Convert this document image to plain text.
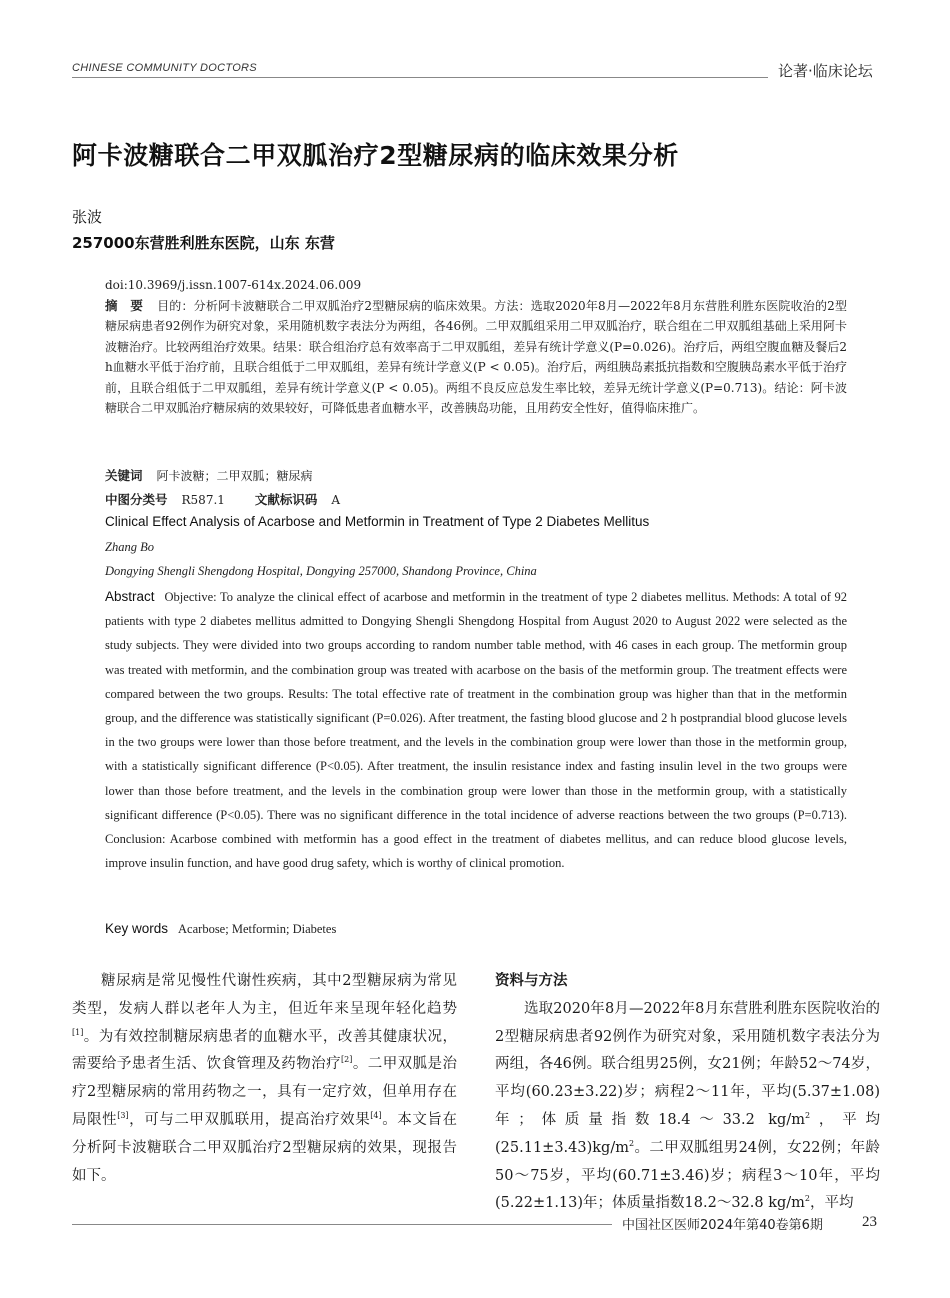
CHINESE COMMUNITY DOCTORS	论著·临床论坛
阿卡波糖联合二甲双胍治疗2型糖尿病的临床效果分析
张波
257000东营胜利胜东医院，山东 东营
doi:10.3969/j.issn.1007-614x.2024.06.009
摘　要 目的：分析阿卡波糖联合二甲双胍治疗2型糖尿病的临床效果。方法：选取2020年8月—2022年8月东营胜利胜东医院收治的2型糖尿病患者92例作为研究对象，采用随机数字表法分为两组，各46例。二甲双胍组采用二甲双胍治疗，联合组在二甲双胍组基础上采用阿卡波糖治疗。比较两组治疗效果。结果：联合组治疗总有效率高于二甲双胍组，差异有统计学意义(P=0.026)。治疗后，两组空腹血糖及餐后2 h血糖水平低于治疗前，且联合组低于二甲双胍组，差异有统计学意义(P < 0.05)。治疗后，两组胰岛素抵抗指数和空腹胰岛素水平低于治疗前，且联合组低于二甲双胍组，差异有统计学意义(P < 0.05)。两组不良反应总发生率比较，差异无统计学意义(P=0.713)。结论：阿卡波糖联合二甲双胍治疗糖尿病的效果较好，可降低患者血糖水平，改善胰岛功能，且用药安全性好，值得临床推广。
关键词 阿卡波糖；二甲双胍；糖尿病
中图分类号 R587.1 文献标识码 A
Clinical Effect Analysis of Acarbose and Metformin in Treatment of Type 2 Diabetes Mellitus
Zhang Bo
Dongying Shengli Shengdong Hospital, Dongying 257000, Shandong Province, China
Abstract Objective: To analyze the clinical effect of acarbose and metformin in the treatment of type 2 diabetes mellitus. Methods: A total of 92 patients with type 2 diabetes mellitus admitted to Dongying Shengli Shengdong Hospital from August 2020 to August 2022 were selected as the study subjects. They were divided into two groups according to random number table method, with 46 cases in each group. The metformin group was treated with metformin, and the combination group was treated with acarbose on the basis of the metformin group. The treatment effects were compared between the two groups. Results: The total effective rate of treatment in the combination group was higher than that in the metformin group, and the difference was statistically significant (P=0.026). After treatment, the fasting blood glucose and 2 h postprandial blood glucose levels in the two groups were lower than those before treatment, and the levels in the combination group were lower than those in the metformin group, with a statistically significant difference (P<0.05). After treatment, the insulin resistance index and fasting insulin level in the two groups were lower than those before treatment, and the levels in the combination group were lower than those in the metformin group, with a statistically significant difference (P<0.05). There was no significant difference in the total incidence of adverse reactions between the two groups (P=0.713). Conclusion: Acarbose combined with metformin has a good effect in the treatment of diabetes mellitus, and can reduce blood glucose levels, improve insulin function, and have good drug safety, which is worthy of clinical promotion.
Key words Acarbose; Metformin; Diabetes

糖尿病是常见慢性代谢性疾病，其中2型糖尿病为常见类型，发病人群以老年人为主，但近年来呈现年轻化趋势[1]。为有效控制糖尿病患者的血糖水平，改善其健康状况，需要给予患者生活、饮食管理及药物治疗[2]。二甲双胍是治疗2型糖尿病的常用药物之一，具有一定疗效，但单用存在局限性[3]，可与二甲双胍联用，提高治疗效果[4]。本文旨在分析阿卡波糖联合二甲双胍治疗2型糖尿病的效果，现报告如下。

资料与方法

选取2020年8月—2022年8月东营胜利胜东医院收治的2型糖尿病患者92例作为研究对象，采用随机数字表法分为两组，各46例。联合组男25例，女21例；年龄52～74岁，平均(60.23±3.22)岁；病程2～11年，平均(5.37±1.08)年；体质量指数18.4～33.2 $kg/m^2$，平均$(25.11\pm 3.43)kg/m^2$。二甲双胍组男24例，女22例；年龄50～75岁，平均(60.71±3.46)岁；病程3～10年，平均(5.22±1.13)年；体质量指数18.2～32.8 $kg/m^2$，平均

中国社区医师2024年第40卷第6期	23
